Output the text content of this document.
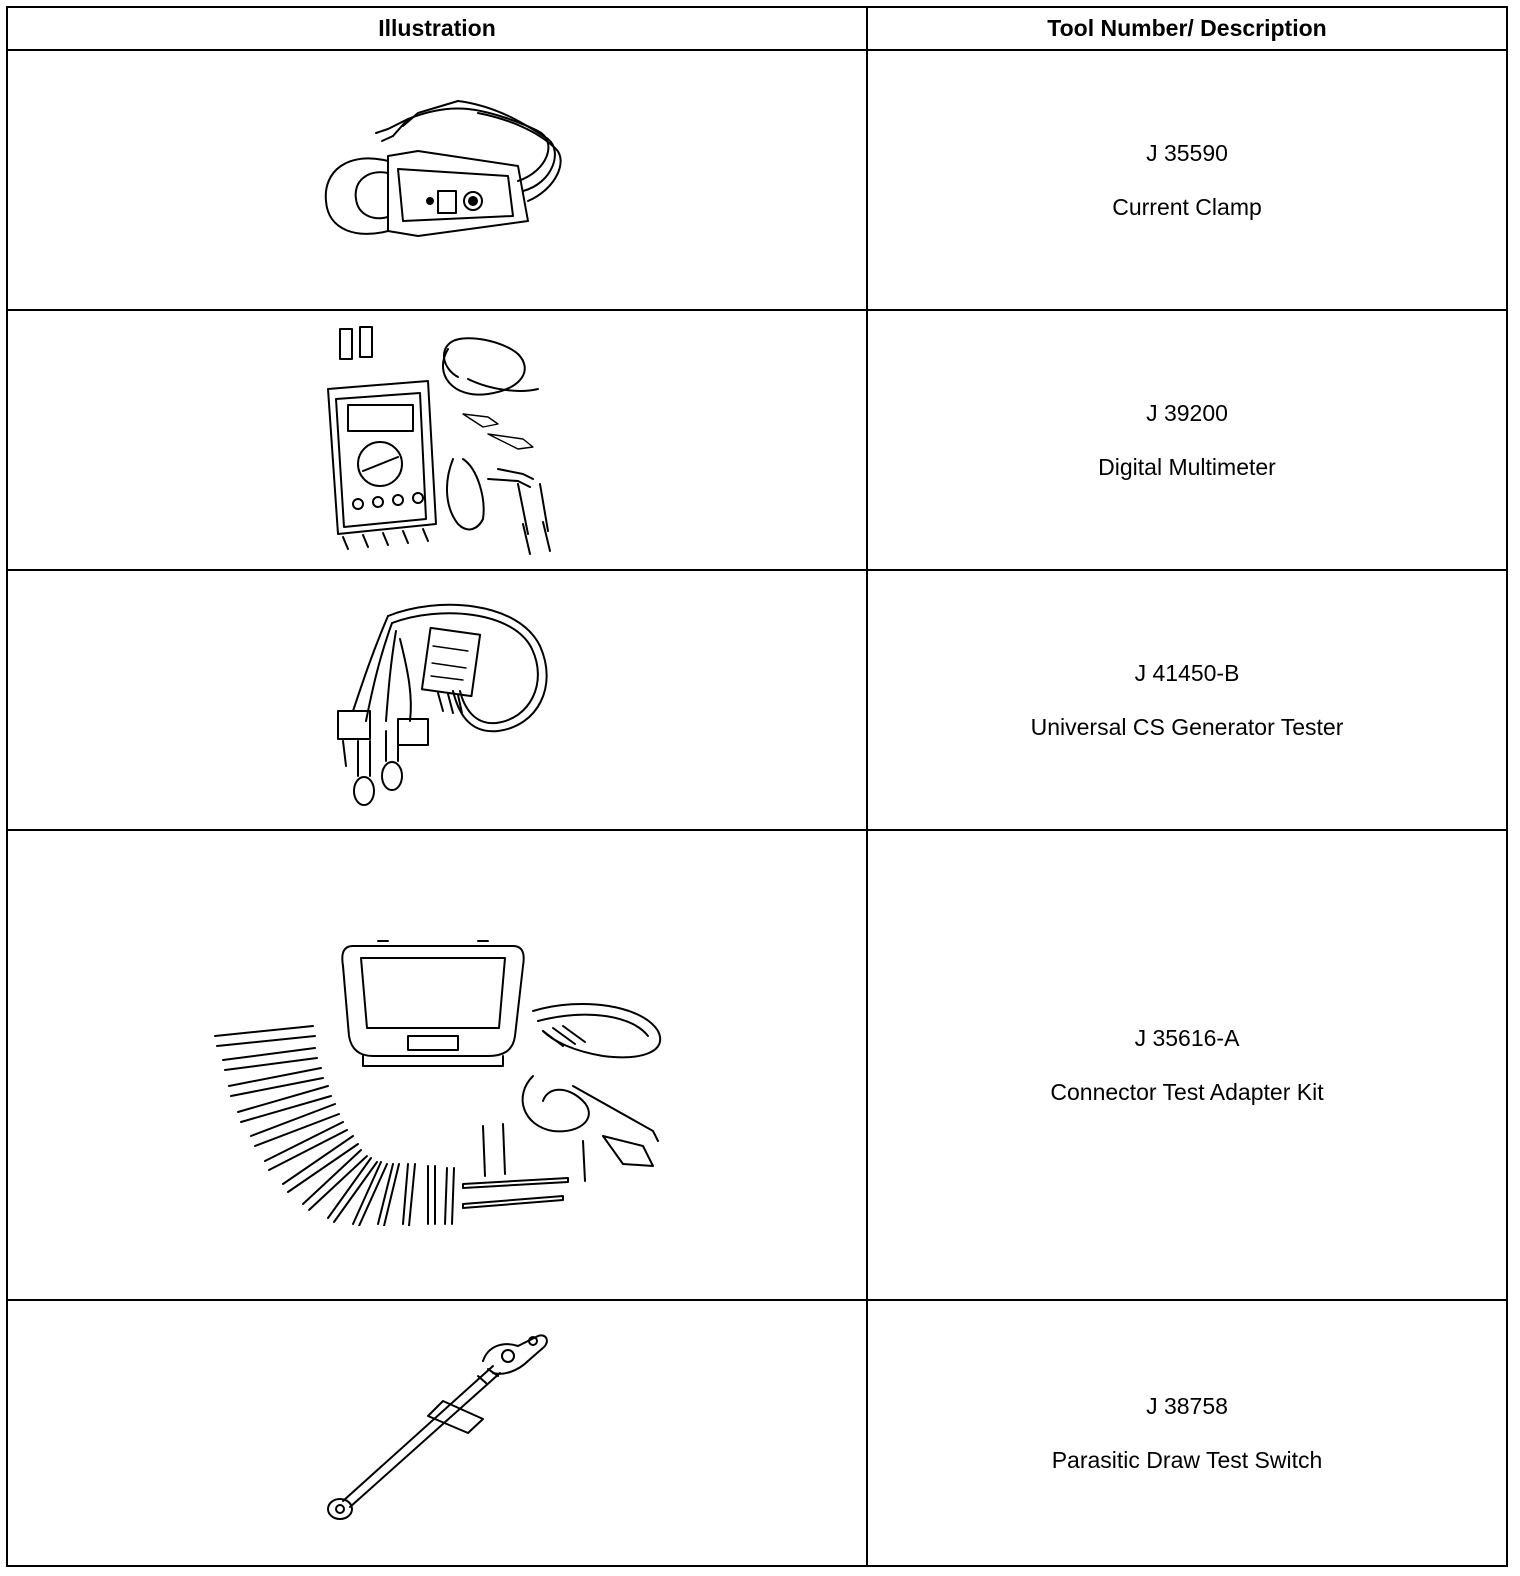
Illustration	Tool Number/ Description
J 35590
Current Clamp
J 39200
Digital Multimeter
J 41450-B
Universal CS Generator Tester
J 35616-A
Connector Test Adapter Kit
J 38758
Parasitic Draw Test Switch
